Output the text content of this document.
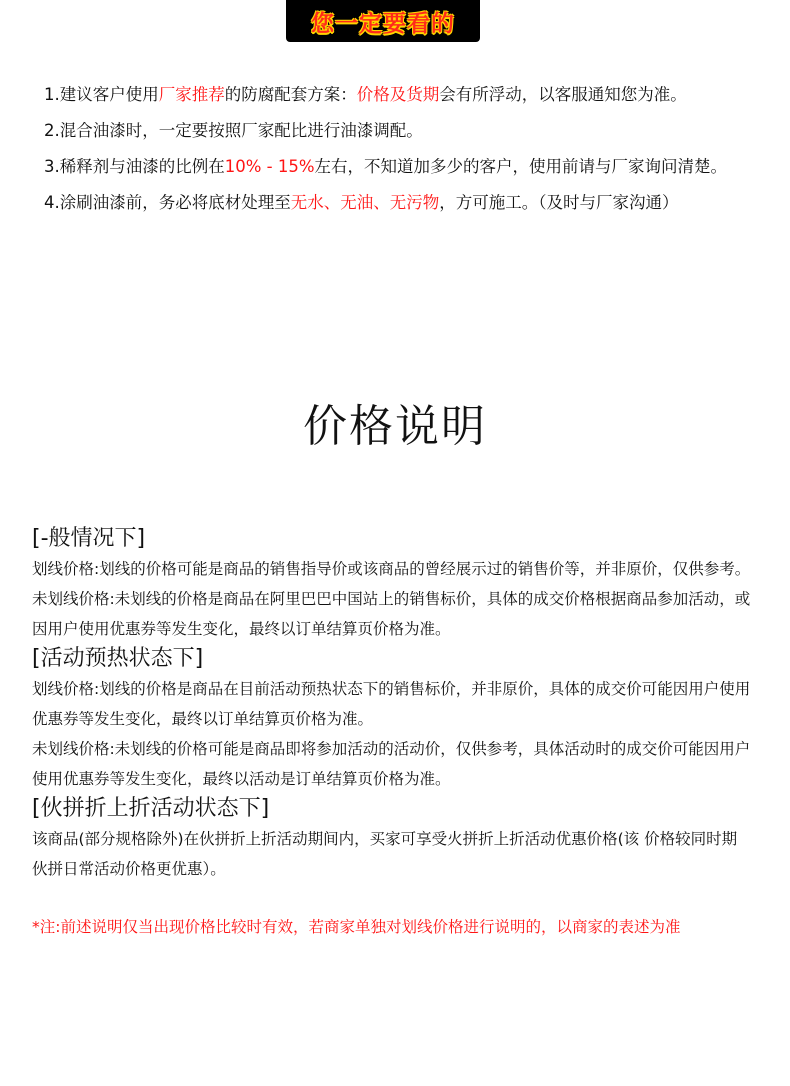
您一定要看的

1.建议客户使用厂家推荐的防腐配套方案：价格及货期会有所浮动，以客服通知您为准。

2.混合油漆时，一定要按照厂家配比进行油漆调配。

3.稀释剂与油漆的比例在10% - 15%左右，不知道加多少的客户，使用前请与厂家询问清楚。

4.涂刷油漆前，务必将底材处理至无水、无油、无污物，方可施工。（及时与厂家沟通）

价格说明

[-般情况下]

划线价格:划线的价格可能是商品的销售指导价或该商品的曾经展示过的销售价等，并非原价，仅供参考。

未划线价格:未划线的价格是商品在阿里巴巴中国站上的销售标价，具体的成交价格根据商品参加活动，或因用户使用优惠券等发生变化，最终以订单结算页价格为准。

[活动预热状态下]

划线价格:划线的价格是商品在目前活动预热状态下的销售标价，并非原价，具体的成交价可能因用户使用优惠券等发生变化，最终以订单结算页价格为准。

未划线价格:未划线的价格可能是商品即将参加活动的活动价，仅供参考，具体活动时的成交价可能因用户使用优惠券等发生变化，最终以活动是订单结算页价格为准。

[伙拼折上折活动状态下]

该商品(部分规格除外)在伙拼折上折活动期间内，买家可享受火拼折上折活动优惠价格(该 价格较同时期伙拼日常活动价格更优惠）。

*注:前述说明仅当出现价格比较时有效，若商家单独对划线价格进行说明的，以商家的表述为准
